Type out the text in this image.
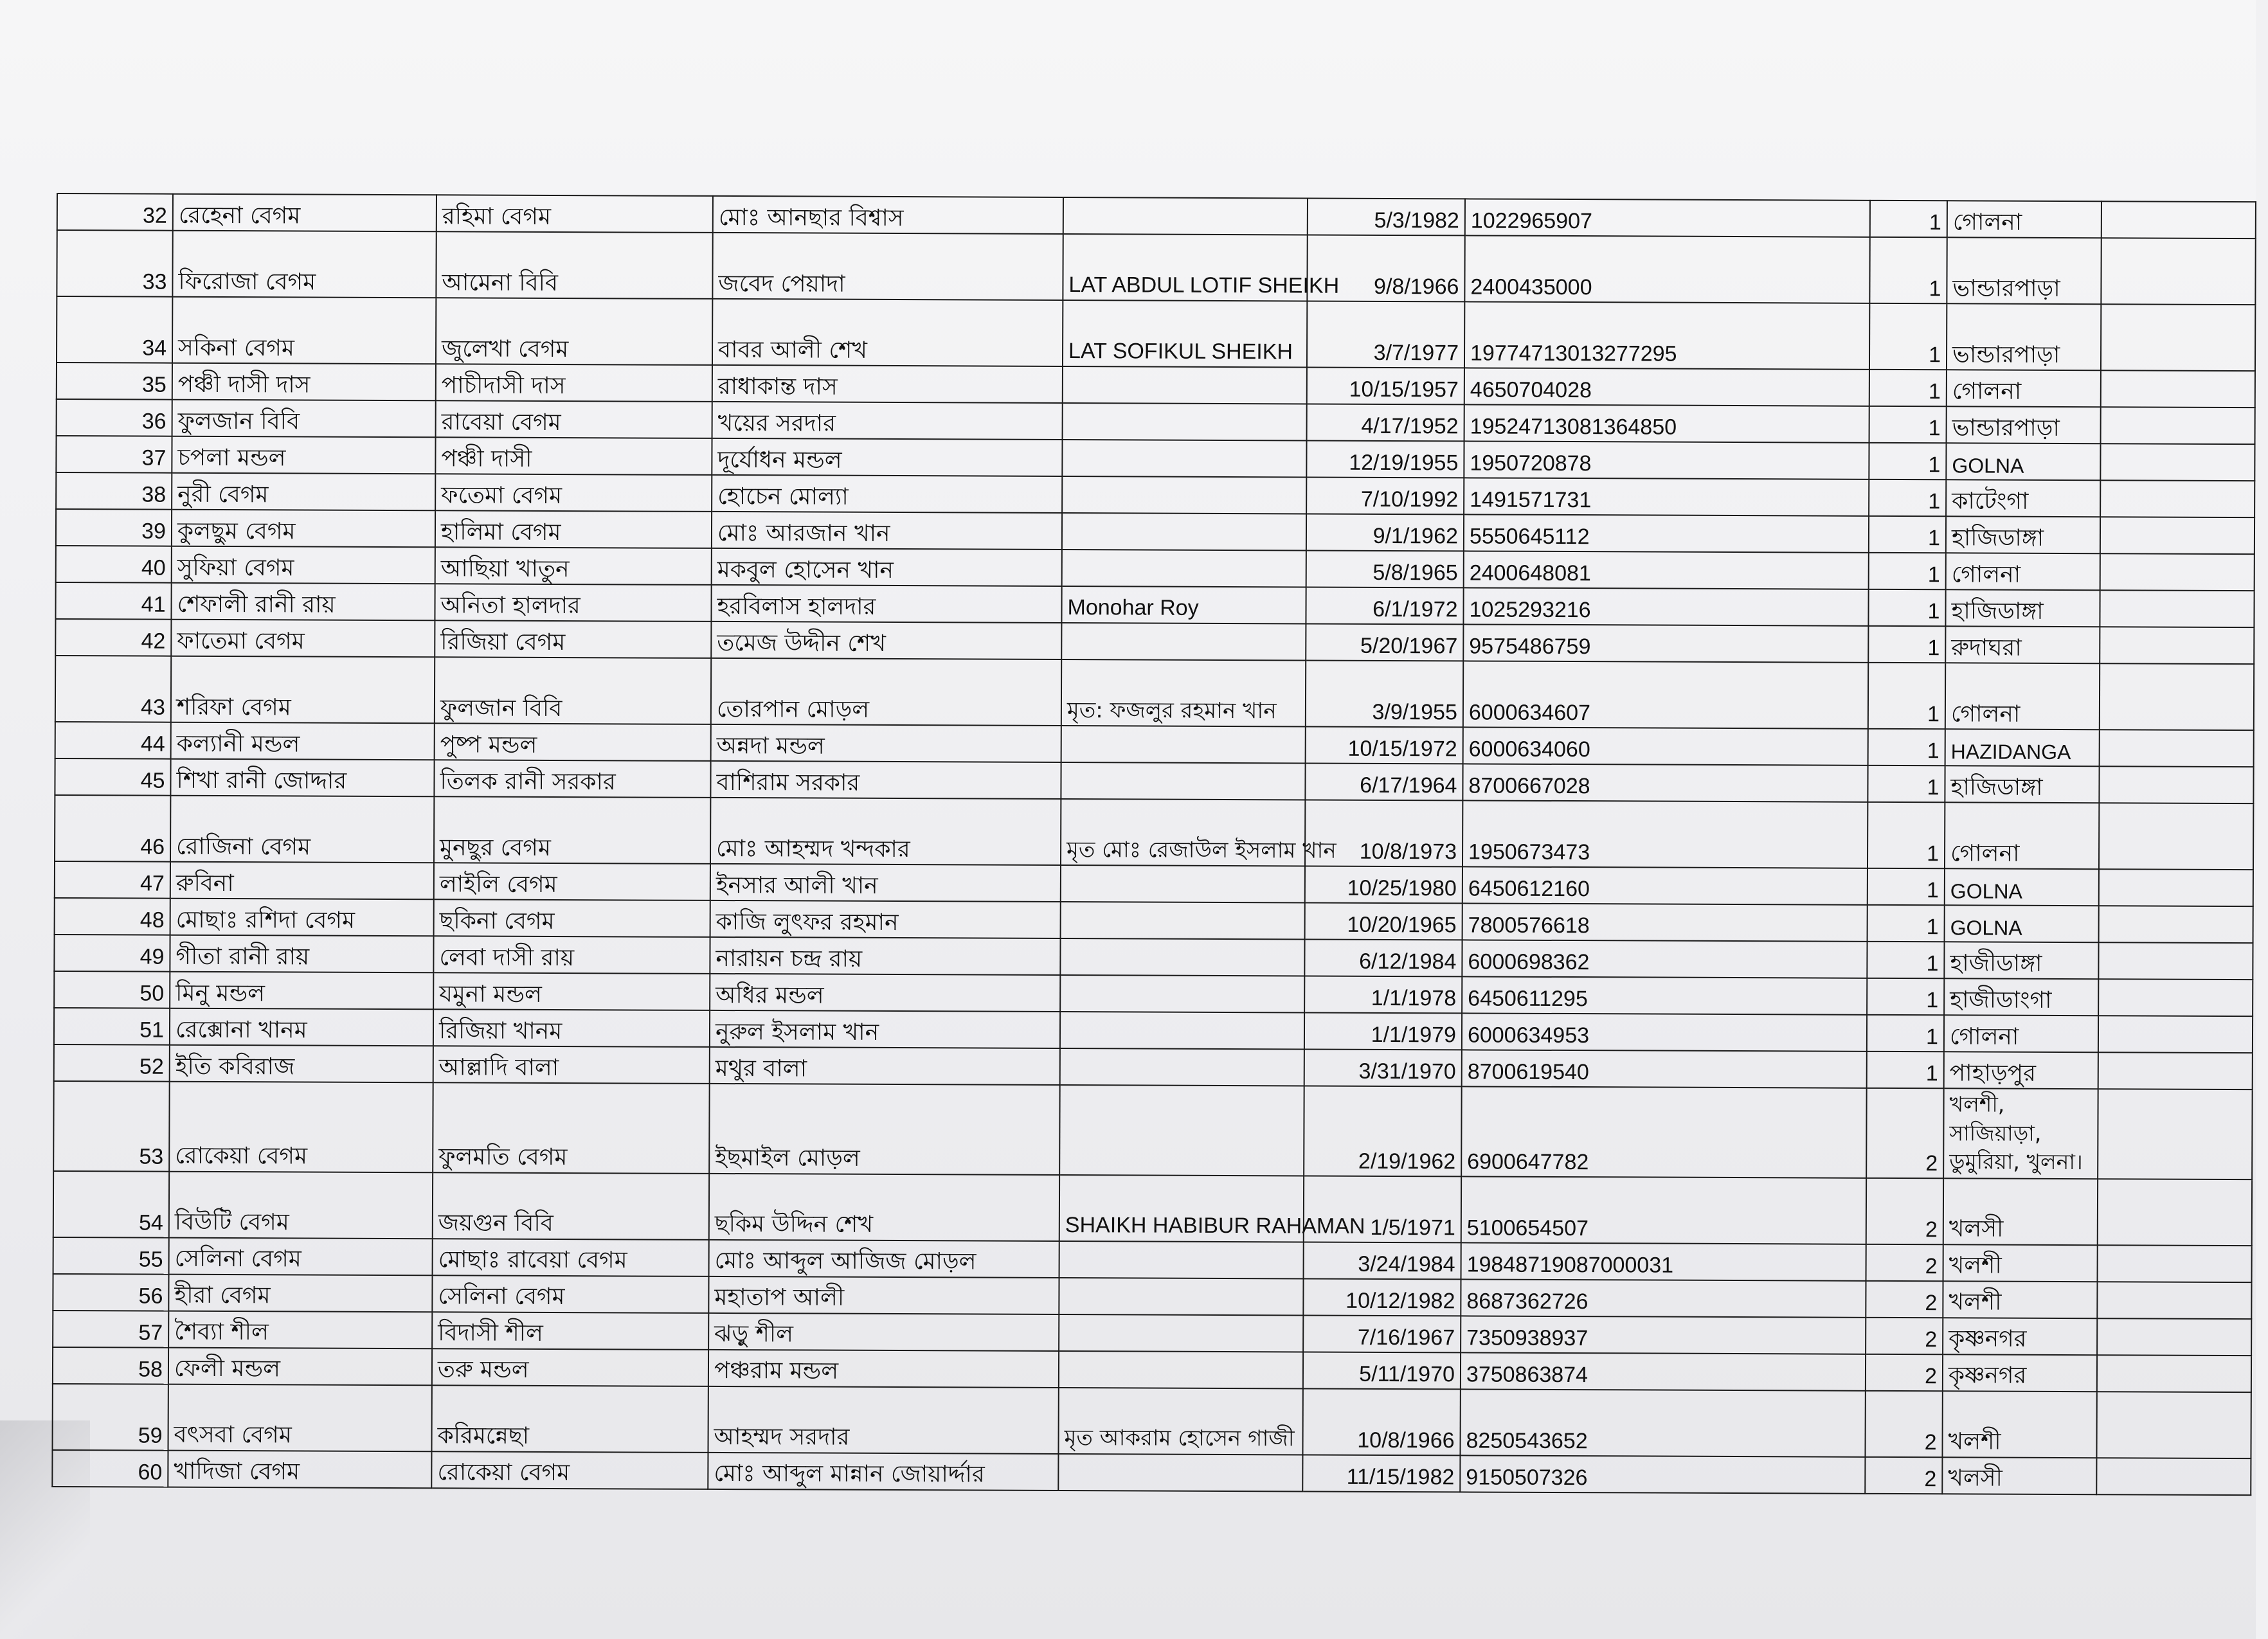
32	রেহেনা বেগম	রহিমা বেগম	মোঃ আনছার বিশ্বাস		5/3/1982	1022965907	1	গোলনা	
33	ফিরোজা বেগম	আমেনা বিবি	জবেদ পেয়াদা	LAT ABDUL LOTIF SHEIKH	9/8/1966	2400435000	1	ভান্ডারপাড়া	
34	সকিনা বেগম	জুলেখা বেগম	বাবর আলী শেখ	LAT SOFIKUL SHEIKH	3/7/1977	19774713013277295	1	ভান্ডারপাড়া	
35	পঞ্চী দাসী দাস	পাচীদাসী দাস	রাধাকান্ত দাস		10/15/1957	4650704028	1	গোলনা	
36	ফুলজান বিবি	রাবেয়া বেগম	খয়ের সরদার		4/17/1952	19524713081364850	1	ভান্ডারপাড়া	
37	চপলা মন্ডল	পঞ্চী দাসী	দূর্যোধন মন্ডল		12/19/1955	1950720878	1	GOLNA	
38	নুরী বেগম	ফতেমা বেগম	হোচেন মোল্যা		7/10/1992	1491571731	1	কাটেংগা	
39	কুলছুম বেগম	হালিমা বেগম	মোঃ আরজান খান		9/1/1962	5550645112	1	হাজিডাঙ্গা	
40	সুফিয়া বেগম	আছিয়া খাতুন	মকবুল হোসেন খান		5/8/1965	2400648081	1	গোলনা	
41	শেফালী রানী রায়	অনিতা হালদার	হরবিলাস হালদার	Monohar Roy	6/1/1972	1025293216	1	হাজিডাঙ্গা	
42	ফাতেমা বেগম	রিজিয়া বেগম	তমেজ উদ্দীন শেখ		5/20/1967	9575486759	1	রুদাঘরা	
43	শরিফা বেগম	ফুলজান বিবি	তোরপান মোড়ল	মৃত: ফজলুর রহমান খান	3/9/1955	6000634607	1	গোলনা	
44	কল্যানী মন্ডল	পুষ্প মন্ডল	অন্নদা মন্ডল		10/15/1972	6000634060	1	HAZIDANGA	
45	শিখা রানী জোদ্দার	তিলক রানী সরকার	বাশিরাম সরকার		6/17/1964	8700667028	1	হাজিডাঙ্গা	
46	রোজিনা বেগম	মুনছুর বেগম	মোঃ আহম্মদ খন্দকার	মৃত মোঃ রেজাউল ইসলাম খান	10/8/1973	1950673473	1	গোলনা	
47	রুবিনা	লাইলি বেগম	ইনসার আলী খান		10/25/1980	6450612160	1	GOLNA	
48	মোছাঃ রশিদা বেগম	ছকিনা বেগম	কাজি লুৎফর রহমান		10/20/1965	7800576618	1	GOLNA	
49	গীতা রানী রায়	লেবা দাসী রায়	নারায়ন চন্দ্র রায়		6/12/1984	6000698362	1	হাজীডাঙ্গা	
50	মিনু মন্ডল	যমুনা মন্ডল	অধির মন্ডল		1/1/1978	6450611295	1	হাজীডাংগা	
51	রেক্সোনা খানম	রিজিয়া খানম	নুরুল ইসলাম খান		1/1/1979	6000634953	1	গোলনা	
52	ইতি কবিরাজ	আল্লাদি বালা	মথুর বালা		3/31/1970	8700619540	1	পাহাড়পুর	
53	রোকেয়া বেগম	ফুলমতি বেগম	ইছমাইল মোড়ল		2/19/1962	6900647782	2	খলশী, সাজিয়াড়া, ডুমুরিয়া, খুলনা।	
54	বিউটি বেগম	জয়গুন বিবি	ছকিম উদ্দিন শেখ	SHAIKH HABIBUR RAHAMAN	1/5/1971	5100654507	2	খলসী	
55	সেলিনা বেগম	মোছাঃ রাবেয়া বেগম	মোঃ আব্দুল আজিজ মোড়ল		3/24/1984	19848719087000031	2	খলশী	
56	হীরা বেগম	সেলিনা বেগম	মহাতাপ আলী		10/12/1982	8687362726	2	খলশী	
57	শৈব্যা শীল	বিদাসী শীল	ঝড়ু শীল		7/16/1967	7350938937	2	কৃষ্ণনগর	
58	ফেলী মন্ডল	তরু মন্ডল	পঞ্চরাম মন্ডল		5/11/1970	3750863874	2	কৃষ্ণনগর	
59	বৎসবা বেগম	করিমন্নেছা	আহম্মদ সরদার	মৃত আকরাম হোসেন গাজী	10/8/1966	8250543652	2	খলশী	
60	খাদিজা বেগম	রোকেয়া বেগম	মোঃ আব্দুল মান্নান জোয়ার্দ্দার		11/15/1982	9150507326	2	খলসী	
